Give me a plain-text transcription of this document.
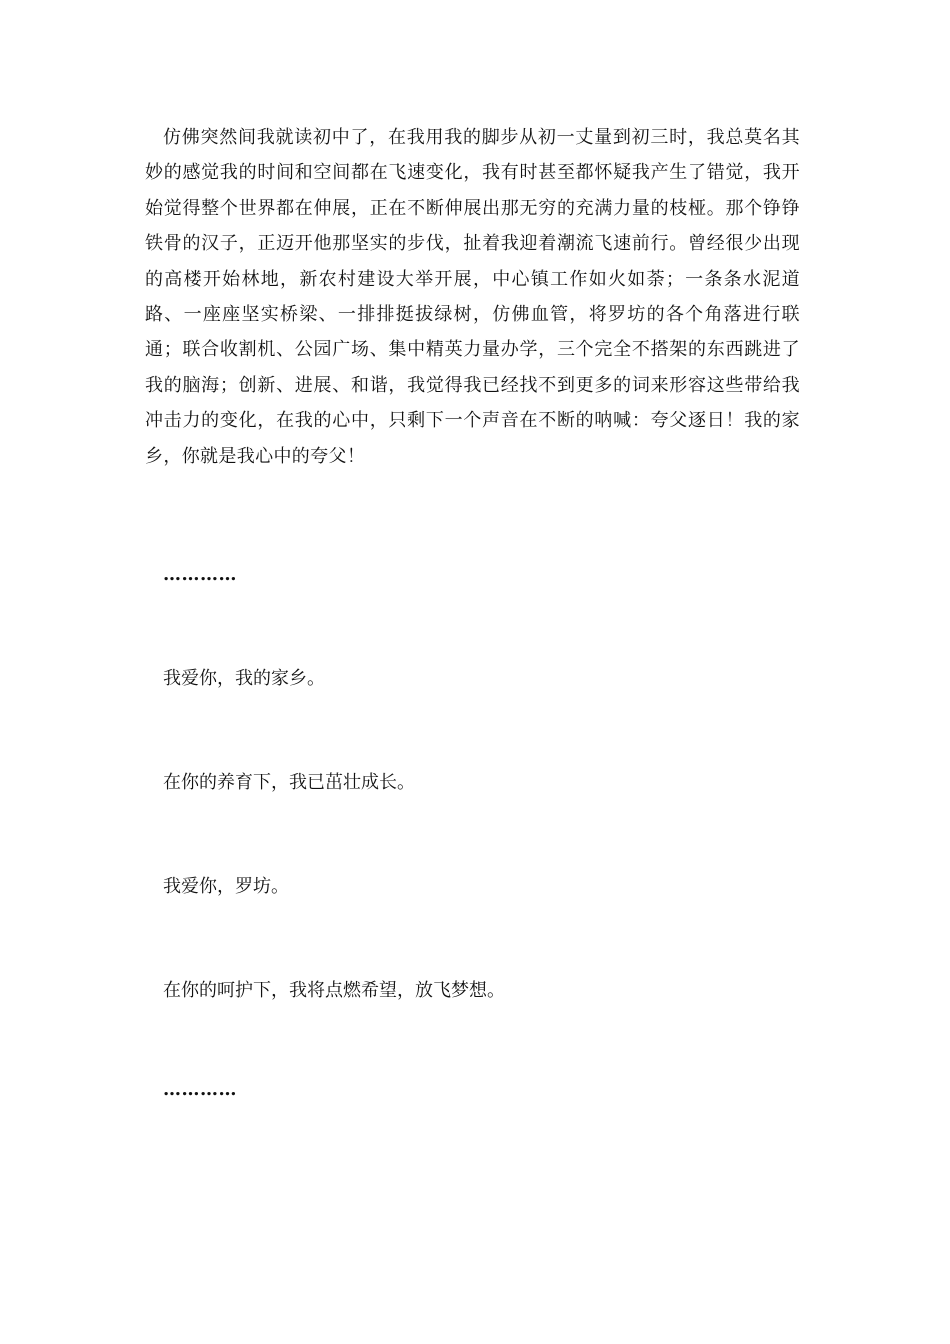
仿佛突然间我就读初中了，在我用我的脚步从初一丈量到初三时，我总莫名其妙的感觉我的时间和空间都在飞速变化，我有时甚至都怀疑我产生了错觉，我开始觉得整个世界都在伸展，正在不断伸展出那无穷的充满力量的枝桠。那个铮铮铁骨的汉子，正迈开他那坚实的步伐，扯着我迎着潮流飞速前行。曾经很少出现的高楼开始林地，新农村建设大举开展，中心镇工作如火如荼；一条条水泥道路、一座座坚实桥梁、一排排挺拔绿树，仿佛血管，将罗坊的各个角落进行联通；联合收割机、公园广场、集中精英力量办学，三个完全不搭架的东西跳进了我的脑海；创新、进展、和谐，我觉得我已经找不到更多的词来形容这些带给我冲击力的变化，在我的心中，只剩下一个声音在不断的呐喊：夸父逐日！我的家乡，你就是我心中的夸父！

…………

我爱你，我的家乡。

在你的养育下，我已茁壮成长。

我爱你，罗坊。

在你的呵护下，我将点燃希望，放飞梦想。

…………
